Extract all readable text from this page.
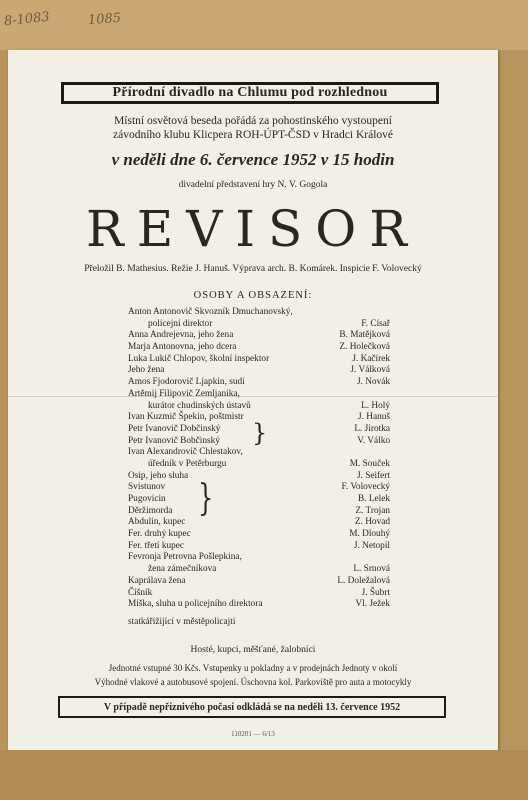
8-1083	1085
Přírodní divadlo na Chlumu pod rozhlednou
Místní osvětová beseda pořádá za pohostinského vystoupení
závodního klubu Klicpera ROH-ÚPT-ČSD v Hradci Králové
v neděli dne 6. července 1952 v 15 hodin
divadelní představení hry N. V. Gogola
REVISOR
Přeložil B. Mathesius. Režie J. Hanuš. Výprava arch. B. Komárek. Inspicie F. Volovecký
OSOBY A OBSAZENÍ:
Anton Antonovič Skvozník Dmuchanovský,
policejní direktor	F. Císař
Anna Andrejevna, jeho žena	B. Matějková
Marja Antonovna, jeho dcera	Z. Holečková
Luka Lukič Chlopov, školní inspektor	J. Kačírek
Jeho žena	J. Válková
Amos Fjodorovič Ljapkin, sudí	J. Novák
Artěmij Filipovič Zemljanika,
kurátor chudinských ústavů	L. Holý
Ivan Kuzmič Špekin, poštmistr	J. Hanuš
Petr Ivanovič Dobčinský	L. Jirotka
Petr Ivanovič Bobčinský	V. Válko
Ivan Alexandrovič Chlestakov,
úředník v Petěrburgu	M. Souček
Osip, jeho sluha	J. Seifert
Svistunov	F. Volovecký
Pugovicin	B. Lelek
Děržimorda	Z. Trojan
Abdulin, kupec	Z. Hovad
Fer. druhý kupec	M. Dlouhý
Fer. třetí kupec	J. Netopil
Fevronja Petrovna Pošlepkina,
žena zámečníkova	L. Srnová
Kaprálava žena	L. Doležalová
Čišník	J. Šubrt
Miška, sluha u policejního direktora	Vl. Ježek
}
statkářižijící v městě
}
policajti
Hosté, kupci, měšťané, žalobníci
Jednotné vstupné 30 Kčs. Vstupenky u pokladny a v prodejnách Jednoty v okolí
Výhodné vlakové a autobusové spojení. Úschovna kol. Parkoviště pro auta a motocykly
V případě nepříznivého počasí odkládá se na neděli 13. července 1952
110201 — 6/13
